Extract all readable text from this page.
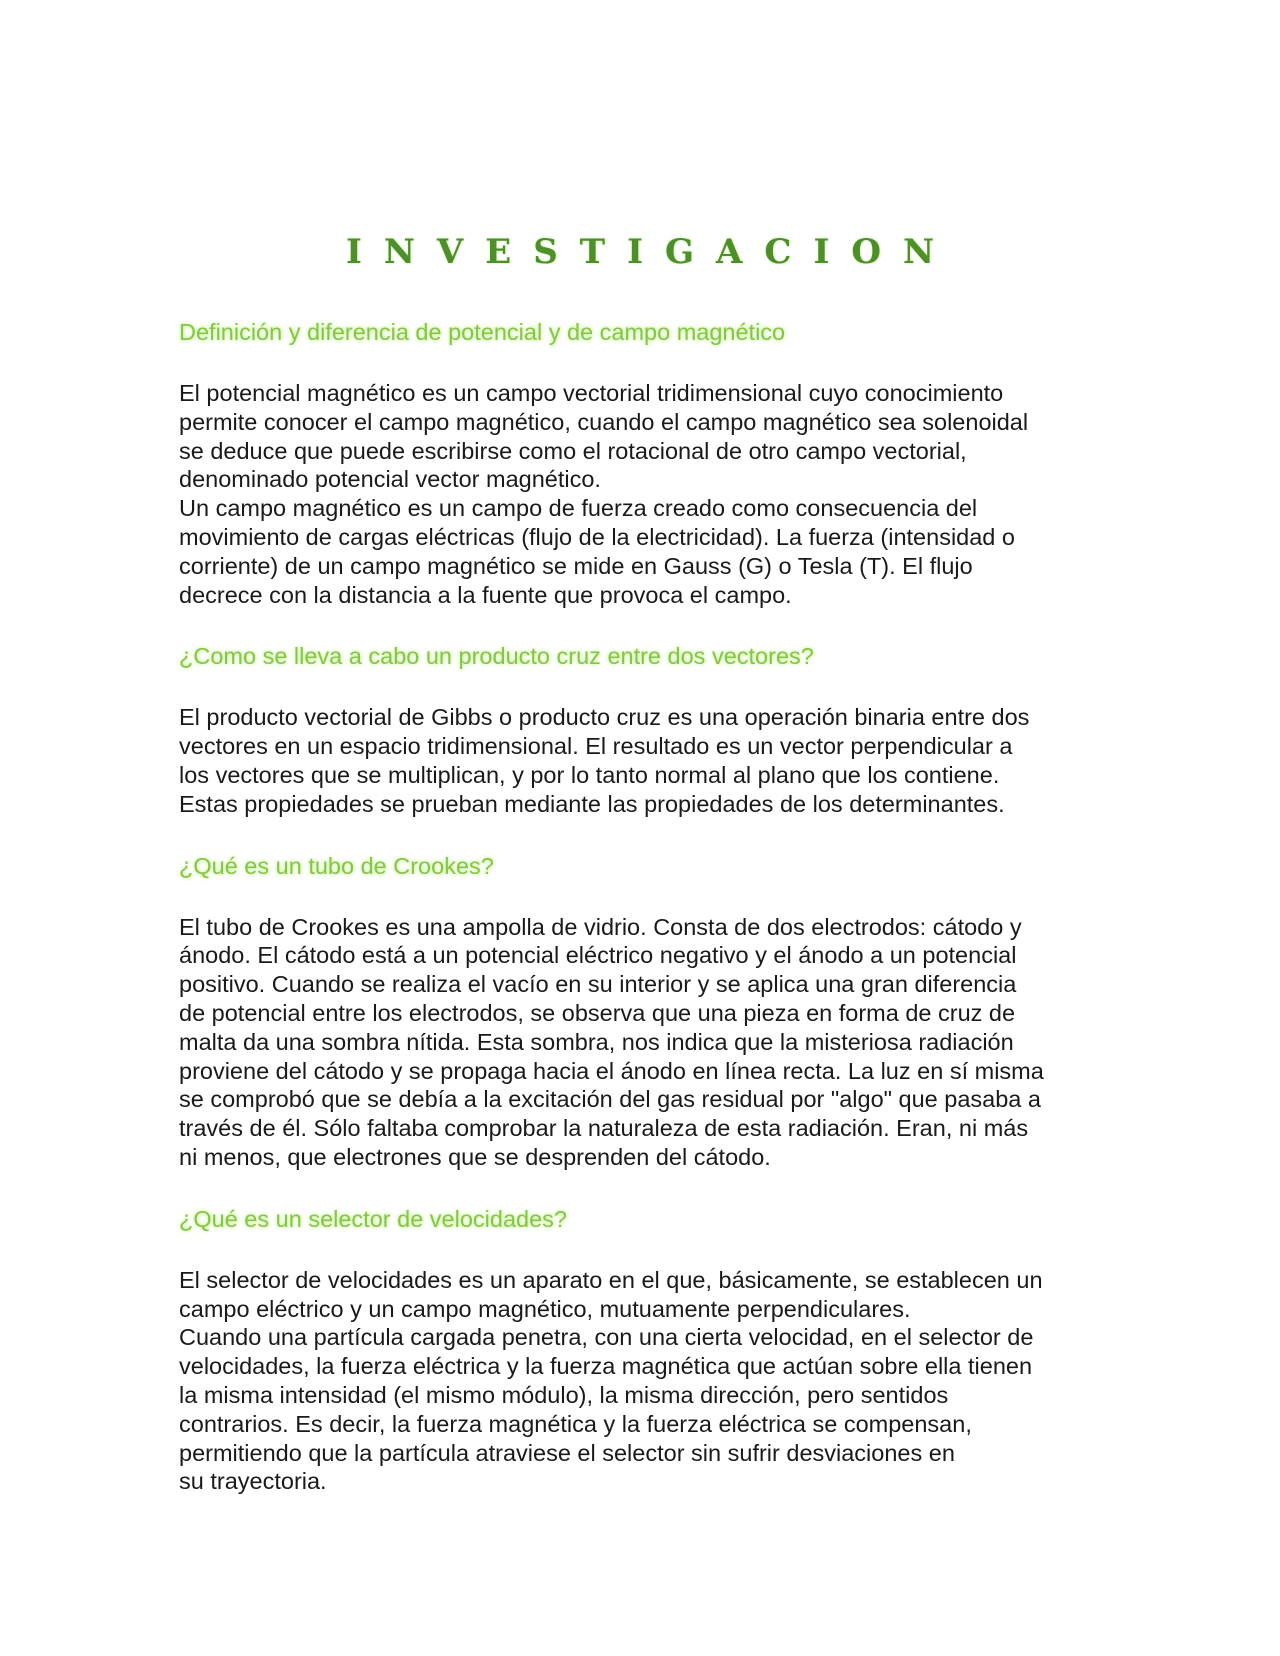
INVESTIGACION

Definición y diferencia de potencial y de campo magnético

El potencial magnético es un campo vectorial tridimensional cuyo conocimiento
permite conocer el campo magnético, cuando el campo magnético sea solenoidal
se deduce que puede escribirse como el rotacional de otro campo vectorial,
denominado potencial vector magnético.

Un campo magnético es un campo de fuerza creado como consecuencia del
movimiento de cargas eléctricas (flujo de la electricidad). La fuerza (intensidad o
corriente) de un campo magnético se mide en Gauss (G) o Tesla (T). El flujo
decrece con la distancia a la fuente que provoca el campo.

¿Como se lleva a cabo un producto cruz entre dos vectores?

El producto vectorial de Gibbs o producto cruz es una operación binaria entre dos
vectores en un espacio tridimensional. El resultado es un vector perpendicular a
los vectores que se multiplican, y por lo tanto normal al plano que los contiene.
Estas propiedades se prueban mediante las propiedades de los determinantes.

¿Qué es un tubo de Crookes?

El tubo de Crookes es una ampolla de vidrio. Consta de dos electrodos: cátodo y
ánodo. El cátodo está a un potencial eléctrico negativo y el ánodo a un potencial
positivo. Cuando se realiza el vacío en su interior y se aplica una gran diferencia
de potencial entre los electrodos, se observa que una pieza en forma de cruz de
malta da una sombra nítida. Esta sombra, nos indica que la misteriosa radiación
proviene del cátodo y se propaga hacia el ánodo en línea recta. La luz en sí misma
se comprobó que se debía a la excitación del gas residual por "algo" que pasaba a
través de él. Sólo faltaba comprobar la naturaleza de esta radiación. Eran, ni más
ni menos, que electrones que se desprenden del cátodo.

¿Qué es un selector de velocidades?

El selector de velocidades es un aparato en el que, básicamente, se establecen un
campo eléctrico y un campo magnético, mutuamente perpendiculares.

Cuando una partícula cargada penetra, con una cierta velocidad, en el selector de
velocidades, la fuerza eléctrica y la fuerza magnética que actúan sobre ella tienen
la misma intensidad (el mismo módulo), la misma dirección, pero sentidos
contrarios. Es decir, la fuerza magnética y la fuerza eléctrica se compensan,
permitiendo que la partícula atraviese el selector sin sufrir desviaciones en
su trayectoria.
